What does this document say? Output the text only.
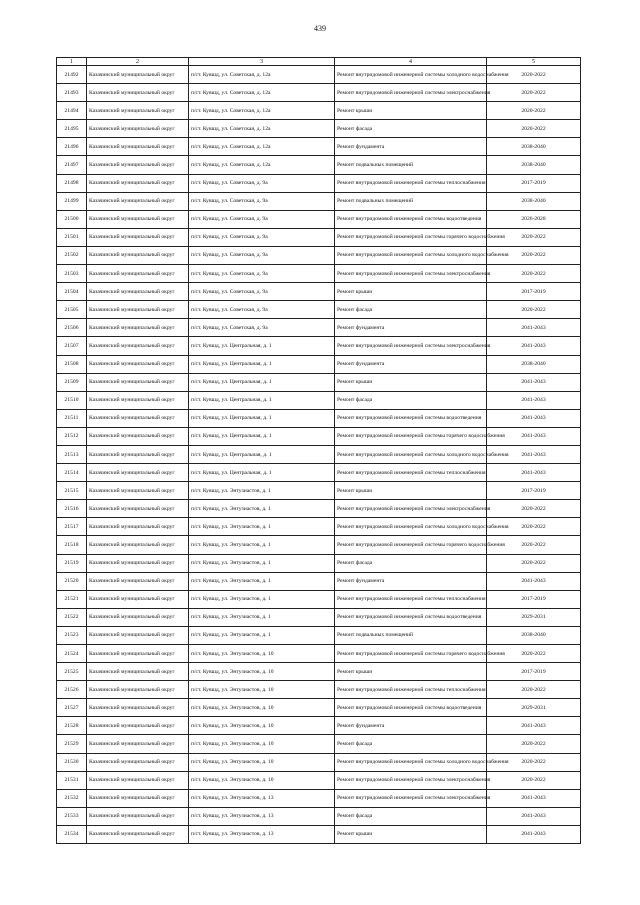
439
1	2	3	4	5
21492	Казачинский муниципальный округ	п/ст. Кувшд, ул. Советская, д. 12а	Ремонт внутридомовой инженерной системы холодного водоснабжения	2020-2022
21493	Казачинский муниципальный округ	п/ст. Кувшд, ул. Советская, д. 12а	Ремонт внутридомовой инженерной системы электроснабжения	2020-2022
21494	Казачинский муниципальный округ	п/ст. Кувшд, ул. Советская, д. 12а	Ремонт крыши	2020-2022
21495	Казачинский муниципальный округ	п/ст. Кувшд, ул. Советская, д. 12а	Ремонт фасада	2020-2022
21496	Казачинский муниципальный округ	п/ст. Кувшд, ул. Советская, д. 12а	Ремонт фундамента	2038-2040
21497	Казачинский муниципальный округ	п/ст. Кувшд, ул. Советская, д. 12а	Ремонт подвальных помещений	2038-2040
21498	Казачинский муниципальный округ	п/ст. Кувшд, ул. Советская, д. 9а	Ремонт внутридомовой инженерной системы теплоснабжения	2017-2019
21499	Казачинский муниципальный округ	п/ст. Кувшд, ул. Советская, д. 9а	Ремонт подвальных помещений	2038-2040
21500	Казачинский муниципальный округ	п/ст. Кувшд, ул. Советская, д. 9а	Ремонт внутридомовой инженерной системы водоотведения	2026-2028
21501	Казачинский муниципальный округ	п/ст. Кувшд, ул. Советская, д. 9а	Ремонт внутридомовой инженерной системы горячего водоснабжения	2020-2022
21502	Казачинский муниципальный округ	п/ст. Кувшд, ул. Советская, д. 9а	Ремонт внутридомовой инженерной системы холодного водоснабжения	2020-2022
21503	Казачинский муниципальный округ	п/ст. Кувшд, ул. Советская, д. 9а	Ремонт внутридомовой инженерной системы электроснабжения	2020-2022
21504	Казачинский муниципальный округ	п/ст. Кувшд, ул. Советская, д. 9а	Ремонт крыши	2017-2019
21505	Казачинский муниципальный округ	п/ст. Кувшд, ул. Советская, д. 9а	Ремонт фасада	2020-2022
21506	Казачинский муниципальный округ	п/ст. Кувшд, ул. Советская, д. 9а	Ремонт фундамента	2041-2043
21507	Казачинский муниципальный округ	п/ст. Кувшд, ул. Центральная, д. 1	Ремонт внутридомовой инженерной системы электроснабжения	2041-2043
21508	Казачинский муниципальный округ	п/ст. Кувшд, ул. Центральная, д. 1	Ремонт фундамента	2038-2040
21509	Казачинский муниципальный округ	п/ст. Кувшд, ул. Центральная, д. 1	Ремонт крыши	2041-2043
21510	Казачинский муниципальный округ	п/ст. Кувшд, ул. Центральная, д. 1	Ремонт фасада	2041-2043
21511	Казачинский муниципальный округ	п/ст. Кувшд, ул. Центральная, д. 1	Ремонт внутридомовой инженерной системы водоотведения	2041-2043
21512	Казачинский муниципальный округ	п/ст. Кувшд, ул. Центральная, д. 1	Ремонт внутридомовой инженерной системы горячего водоснабжения	2041-2043
21513	Казачинский муниципальный округ	п/ст. Кувшд, ул. Центральная, д. 1	Ремонт внутридомовой инженерной системы холодного водоснабжения	2041-2043
21514	Казачинский муниципальный округ	п/ст. Кувшд, ул. Центральная, д. 1	Ремонт внутридомовой инженерной системы теплоснабжения	2041-2043
21515	Казачинский муниципальный округ	п/ст. Кувшд, ул. Энтузиастов, д. 1	Ремонт крыши	2017-2019
21516	Казачинский муниципальный округ	п/ст. Кувшд, ул. Энтузиастов, д. 1	Ремонт внутридомовой инженерной системы электроснабжения	2020-2022
21517	Казачинский муниципальный округ	п/ст. Кувшд, ул. Энтузиастов, д. 1	Ремонт внутридомовой инженерной системы холодного водоснабжения	2020-2022
21518	Казачинский муниципальный округ	п/ст. Кувшд, ул. Энтузиастов, д. 1	Ремонт внутридомовой инженерной системы горячего водоснабжения	2020-2022
21519	Казачинский муниципальный округ	п/ст. Кувшд, ул. Энтузиастов, д. 1	Ремонт фасада	2020-2022
21520	Казачинский муниципальный округ	п/ст. Кувшд, ул. Энтузиастов, д. 1	Ремонт фундамента	2041-2043
21521	Казачинский муниципальный округ	п/ст. Кувшд, ул. Энтузиастов, д. 1	Ремонт внутридомовой инженерной системы теплоснабжения	2017-2019
21522	Казачинский муниципальный округ	п/ст. Кувшд, ул. Энтузиастов, д. 1	Ремонт внутридомовой инженерной системы водоотведения	2029-2031
21523	Казачинский муниципальный округ	п/ст. Кувшд, ул. Энтузиастов, д. 1	Ремонт подвальных помещений	2038-2040
21524	Казачинский муниципальный округ	п/ст. Кувшд, ул. Энтузиастов, д. 10	Ремонт внутридомовой инженерной системы горячего водоснабжения	2020-2022
21525	Казачинский муниципальный округ	п/ст. Кувшд, ул. Энтузиастов, д. 10	Ремонт крыши	2017-2019
21526	Казачинский муниципальный округ	п/ст. Кувшд, ул. Энтузиастов, д. 10	Ремонт внутридомовой инженерной системы теплоснабжения	2020-2022
21527	Казачинский муниципальный округ	п/ст. Кувшд, ул. Энтузиастов, д. 10	Ремонт внутридомовой инженерной системы водоотведения	2029-2031
21528	Казачинский муниципальный округ	п/ст. Кувшд, ул. Энтузиастов, д. 10	Ремонт фундамента	2041-2043
21529	Казачинский муниципальный округ	п/ст. Кувшд, ул. Энтузиастов, д. 10	Ремонт фасада	2020-2022
21530	Казачинский муниципальный округ	п/ст. Кувшд, ул. Энтузиастов, д. 10	Ремонт внутридомовой инженерной системы холодного водоснабжения	2020-2022
21531	Казачинский муниципальный округ	п/ст. Кувшд, ул. Энтузиастов, д. 10	Ремонт внутридомовой инженерной системы электроснабжения	2020-2022
21532	Казачинский муниципальный округ	п/ст. Кувшд, ул. Энтузиастов, д. 13	Ремонт внутридомовой инженерной системы электроснабжения	2041-2043
21533	Казачинский муниципальный округ	п/ст. Кувшд, ул. Энтузиастов, д. 13	Ремонт фасада	2041-2043
21534	Казачинский муниципальный округ	п/ст. Кувшд, ул. Энтузиастов, д. 13	Ремонт крыши	2041-2043
